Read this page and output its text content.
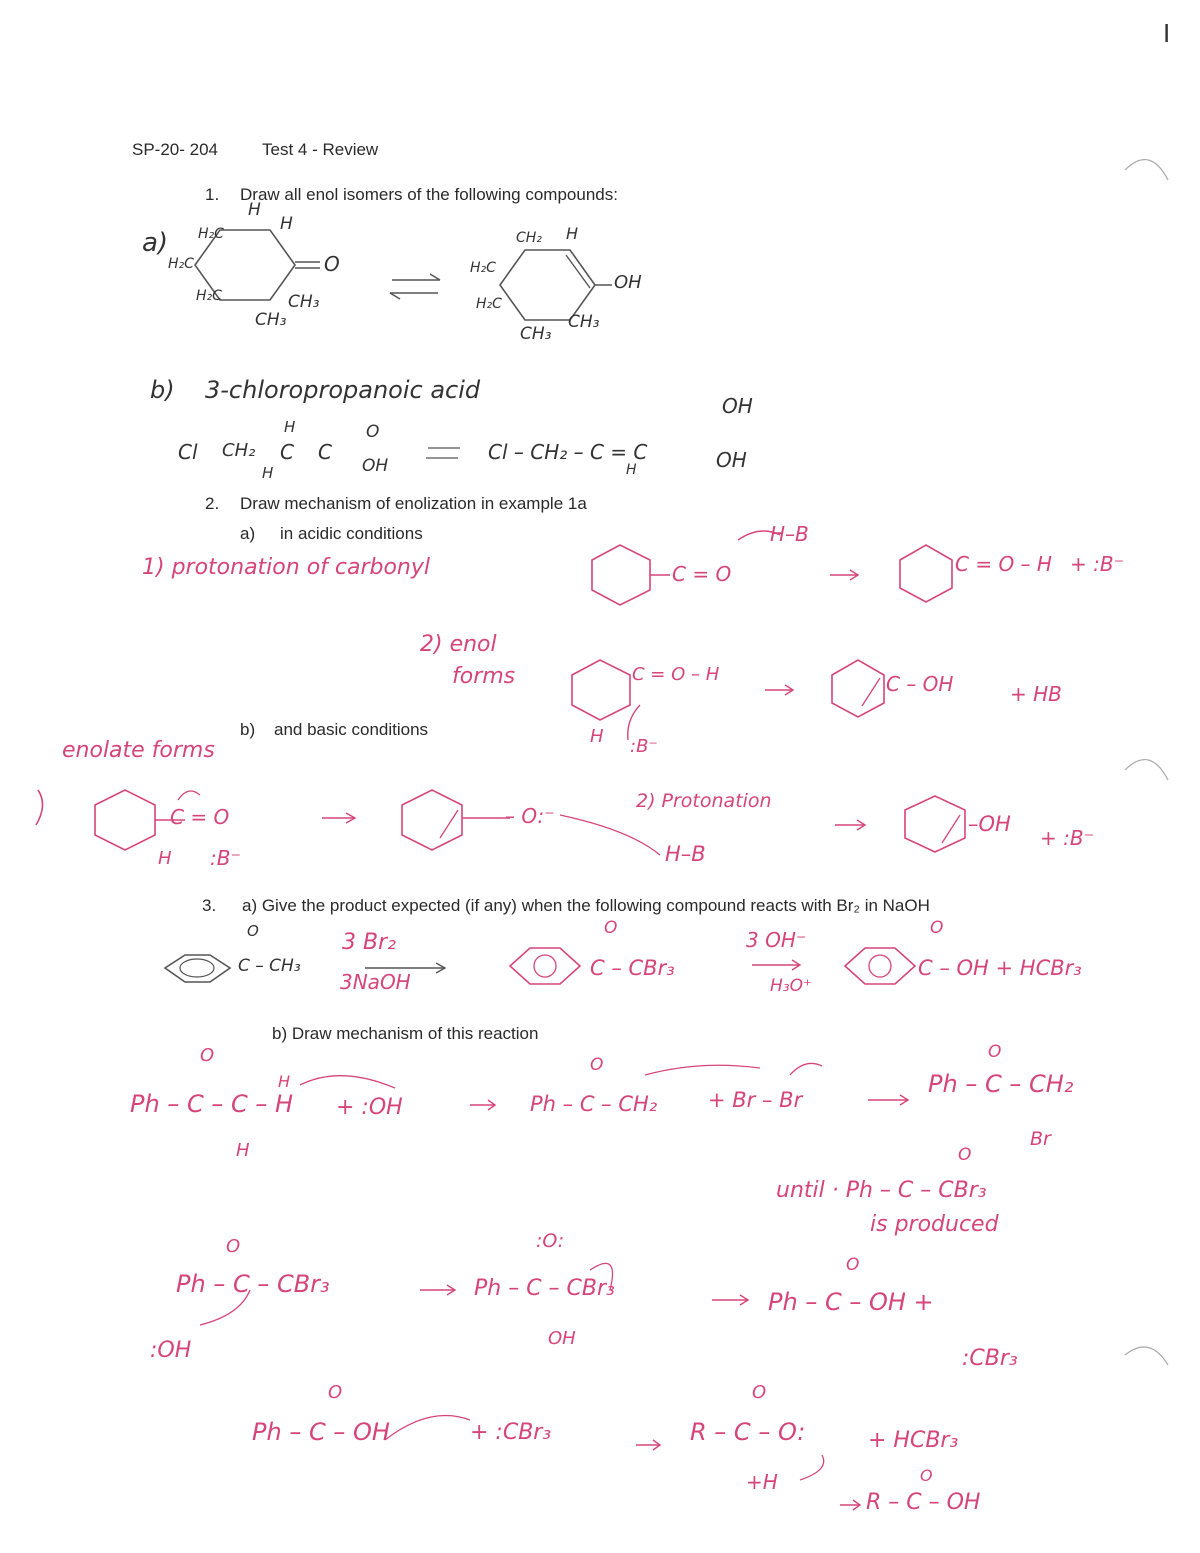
I
SP-20- 204	Test 4 - Review
1. Draw all enol isomers of the following compounds:
a)
H
H
H₂C
H₂C
H₂C
O
CH₃
CH₃
CH₂ H
H₂C
H₂C
OH
CH₃
CH₃
b) 3-chloropropanoic acid
Cl CH₂ C
H
H
C
O
OH
Cl – CH₂ – C = C
H
OH
OH
2. Draw mechanism of enolization in example 1a
a) in acidic conditions
1) protonation of carbonyl
H–B
C = O	C = O – H + :B⁻
2) enol
forms	C = O – H
H :B⁻
C – OH	+ HB
b) and basic conditions
enolate forms
C = O
H :B⁻
– O:⁻
2) Protonation
H–B
–OH
+ :B⁻
3. a) Give the product expected (if any) when the following compound reacts with Br₂ in NaOH
O
C – CH₃
3 Br₂
3NaOH
O
C – CBr₃
3 OH⁻
H₃O⁺
O
C – OH + HCBr₃
b) Draw mechanism of this reaction
O
Ph – C – C – H
H
H
+ :OH
O
Ph – C – CH₂ + Br – Br
O
Ph – C – CH₂
Br
O
until · Ph – C – CBr₃
is produced
O
Ph – C – CBr₃
:OH
:O:
Ph – C – CBr₃
OH
O
Ph – C – OH +
:CBr₃
O
Ph – C – OH	+ :CBr₃
O
R – C – O:	+ HCBr₃
+H	O
R – C – OH
